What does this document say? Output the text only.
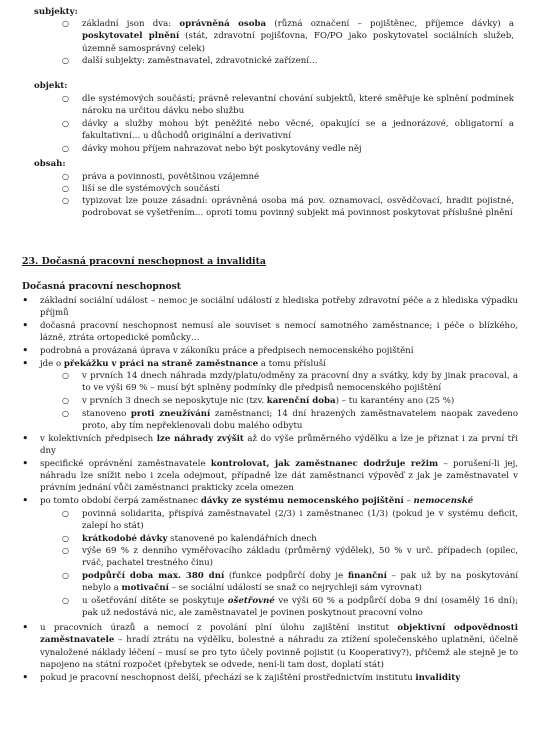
subjekty:
○ základní json dva: oprávněná osoba (různá označení – pojištěnec, příjemce dávky) a poskytovatel plnění (stát, zdravotní pojišťovna, FO/PO jako poskytovatel sociálních služeb, územně samosprávný celek)
○ další subjekty: zaměstnavatel, zdravotnické zařízení…
objekt:
○ dle systémových součástí; právně relevantní chování subjektů, které směřuje ke splnění podmínek nároku na určitou dávku nebo službu
○ dávky a služby mohou být peněžité nebo věcné, opakující se a jednorázové, obligatorní a fakultativní… u důchodů originální a derivativní
○ dávky mohou příjem nahrazovat nebo být poskytovány vedle něj
obsah:
○ práva a povinnosti, povětšinou vzájemné
○ liší se dle systémových součástí
○ typizovat lze pouze zásadní: oprávněná osoba má pov. oznamovací, osvědčovací, hradit pojistné, podrobovat se vyšetřením… oproti tomu povinný subjekt má povinnost poskytovat příslušné plnění
23. Dočasná pracovní neschopnost a invalidita
Dočasná pracovní neschopnost
• základní sociální událost – nemoc je sociální událostí z hlediska potřeby zdravotní péče a z hlediska výpadku příjmů
• dočasná pracovní neschopnost nemusí ale souviset s nemocí samotného zaměstnance; i péče o blízkého, lázně, ztráta ortopedické pomůcky…
• podrobná a provázaná úprava v zákoníku práce a předpisech nemocenského pojištění
• jde o překážku v práci na straně zaměstnance a tomu přísluší
○ v prvních 14 dnech náhrada mzdy/platu/odměny za pracovní dny a svátky, kdy by jinak pracoval, a to ve výši 69 % – musí být splněny podmínky dle předpisů nemocenského pojištění
○ v prvních 3 dnech se neposkytuje nic (tzv. karenční doba) – tu karantény ano (25 %)
○ stanoveno proti zneužívání zaměstnanci; 14 dní hrazených zaměstnavatelem naopak zavedeno proto, aby tím nepřeklenovali dobu malého odbytu
• v kolektivních předpisech lze náhrady zvýšit až do výše průměrného výdělku a lze je přiznat i za první tři dny
• specifické oprávnění zaměstnavatele kontrolovat, jak zaměstnanec dodržuje režim – porušení-li jej, náhradu lze snížit nebo i zcela odejmout, případně lze dát zaměstnanci výpověď z jak je zaměstnavatel v právním jednání vůči zaměstnanci prakticky zcela omezen
• po tomto období čerpá zaměstnanec dávky ze systému nemocenského pojištění – nemocenské
○ povinná solidarita, přispívá zaměstnavatel (2/3) i zaměstnanec (1/3) (pokud je v systému deficit, zalepí ho stát)
○ krátkodobé dávky stanovené po kalendářních dnech
○ výše 69 % z denního vyměřovacího základu (průměrný výdělek), 50 % v urč. případech (opilec, rváč, pachatel trestného činu)
○ podpůrčí doba max. 380 dní (funkce podpůrčí doby je finanční – pak už by na poskytování nebylo a motivační – se sociální událostí se snaž co nejrychleji sám vyrovnat)
○ u ošetřování dítěte se poskytuje ošetřovné ve výši 60 % a podpůrčí doba 9 dní (osamělý 16 dní); pak už nedostává nic, ale zaměstnavatel je povinen poskytnout pracovní volno
• u pracovních úrazů a nemocí z povolání plní úlohu zajištění institut objektivní odpovědnosti zaměstnavatele – hradí ztrátu na výdělku, bolestné a náhradu za ztížení společenského uplatnění, účelně vynaložené náklady léčení – musí se pro tyto účely povinně pojistit (u Kooperativy?), přičemž ale stejně je to napojeno na státní rozpočet (přebytek se odvede, není-li tam dost, doplatí stát)
• pokud je pracovní neschopnost delší, přechází se k zajištění prostřednictvím institutu invalidity
